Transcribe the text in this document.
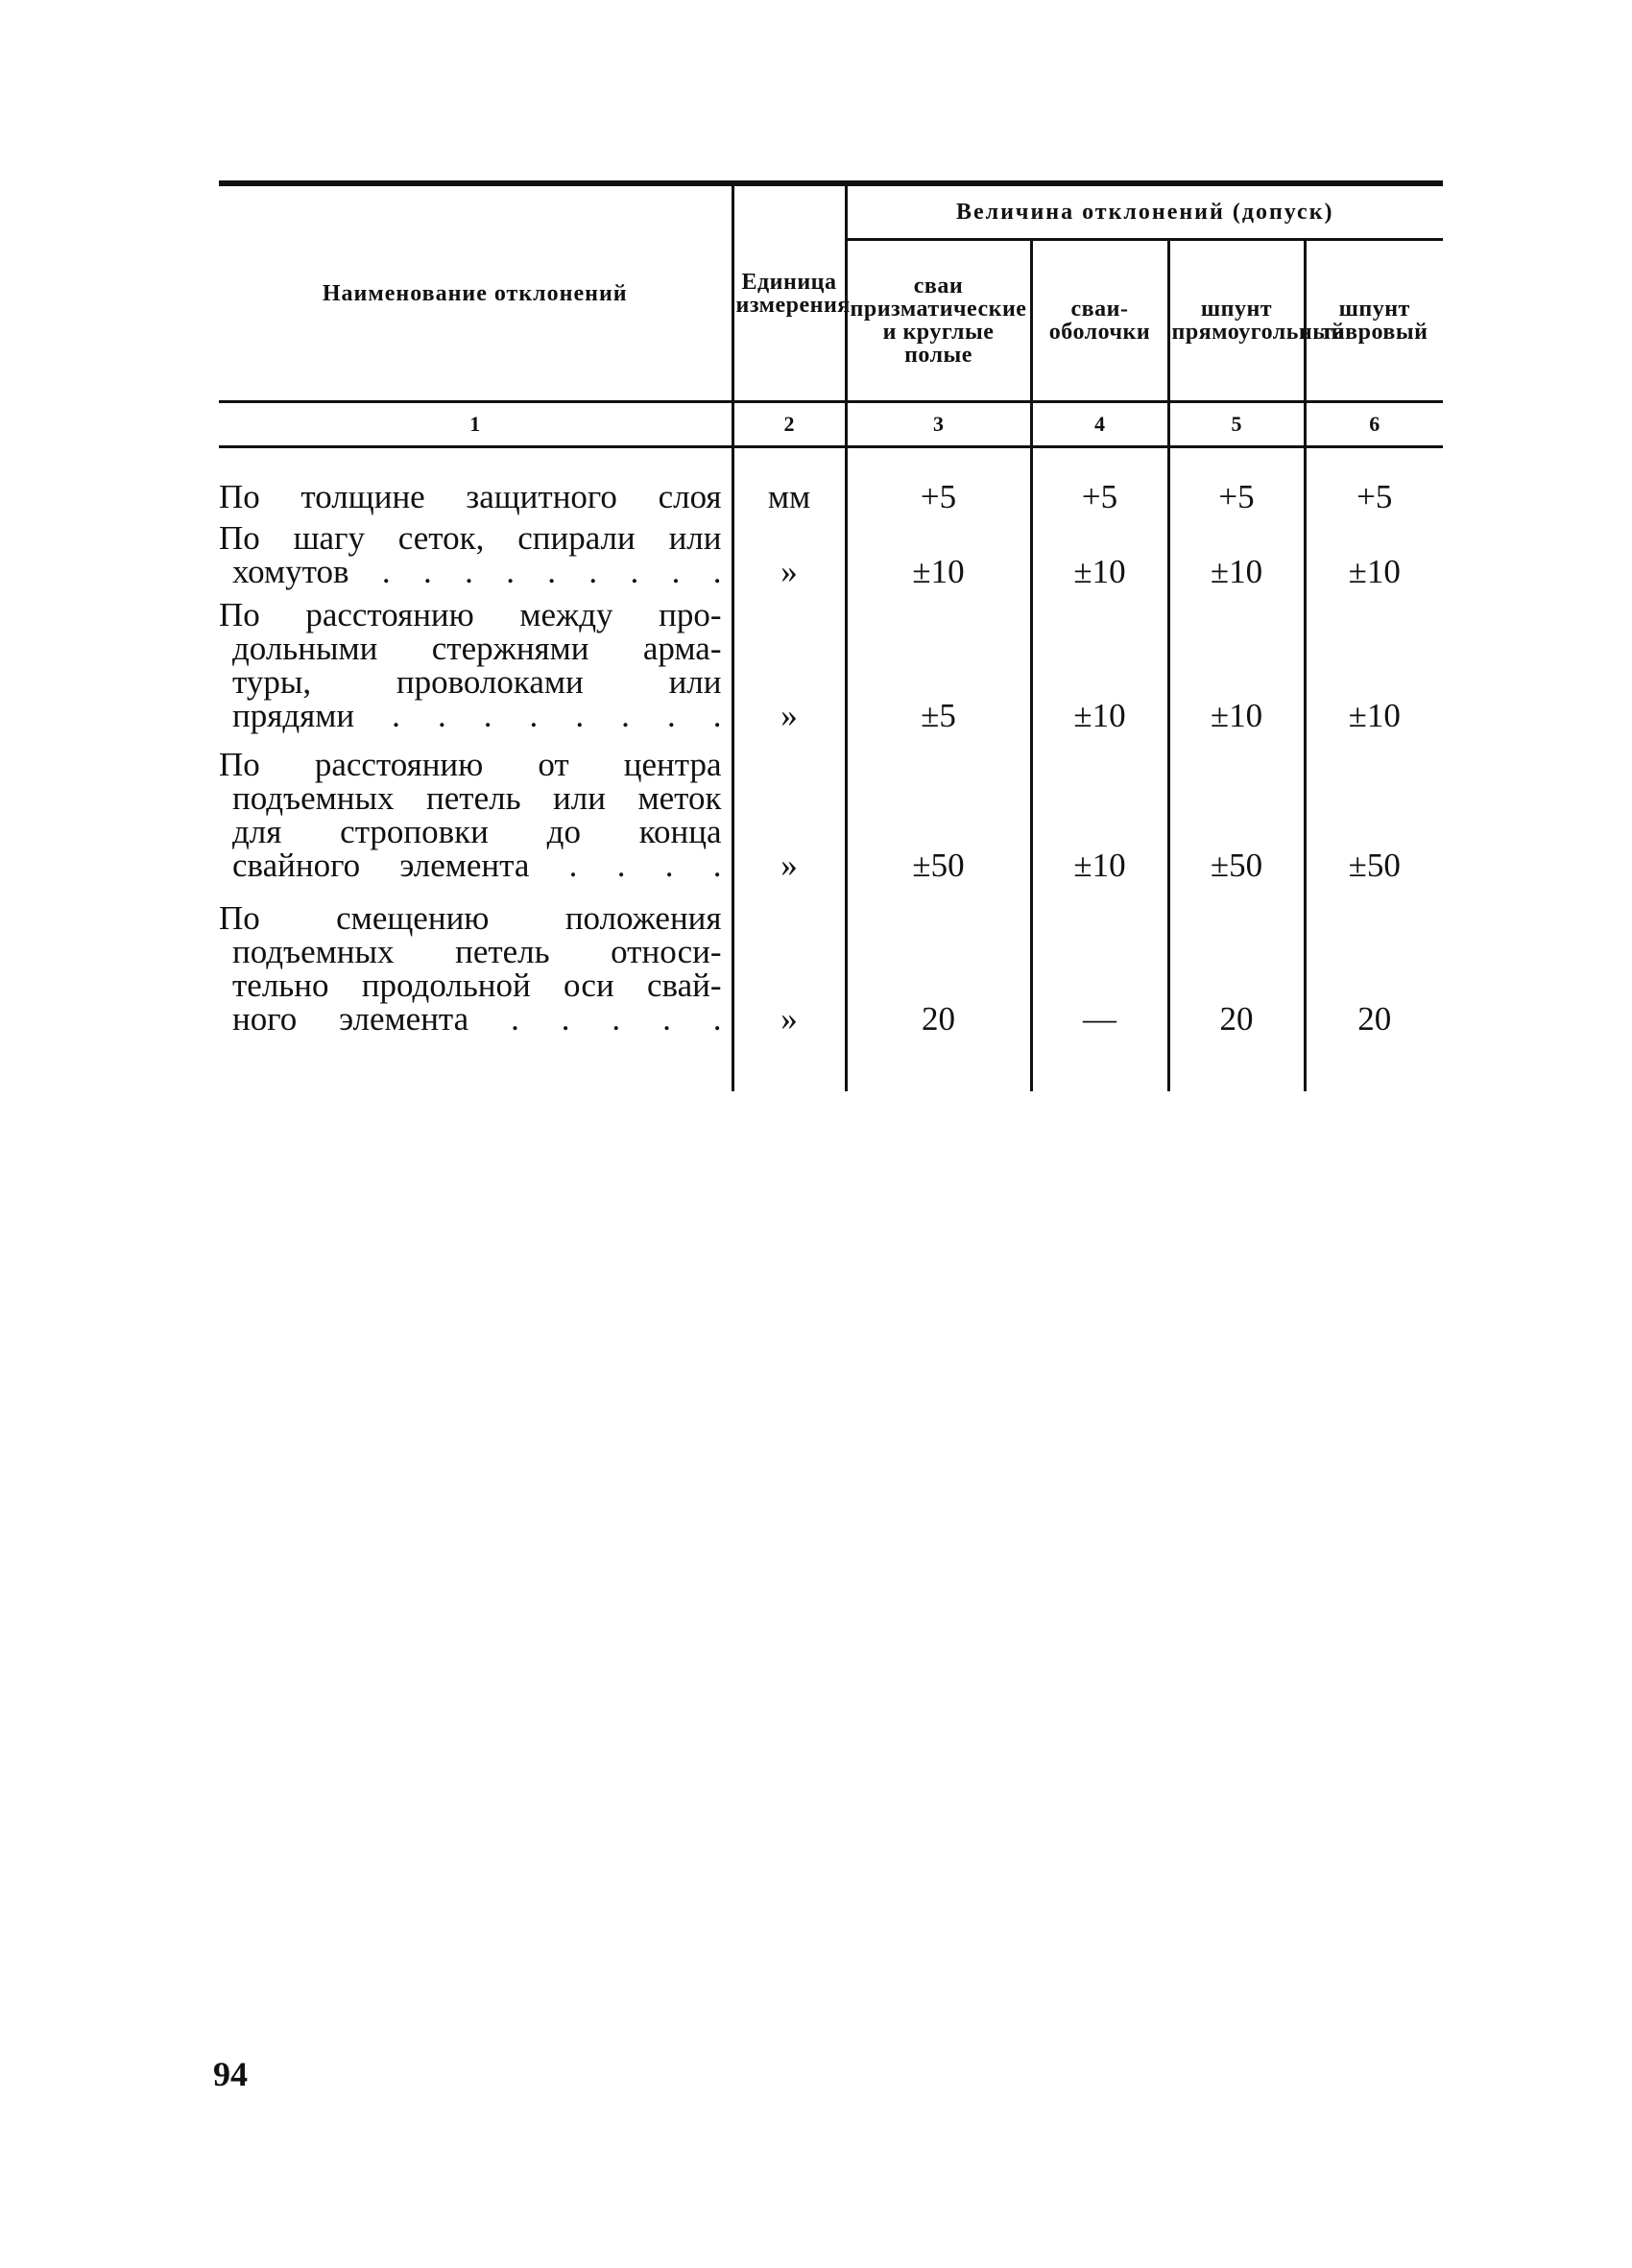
Наименование отклонений	Единица измерения	Величина отклонений (допуск)			
		сваи призматические и круглые полые	сваи-оболочки	шпунт прямоугольный	шпунт тавровый
1	2	3	4	5	6

По толщине защитного слоя	мм	+5	+5	+5	+5

По шагу сеток, спирали или
хомутов . . . . . . . . .	»	±10	±10	±10	±10

По расстоянию между про-
дольными стержнями арма-
туры, проволоками или
прядями . . . . . . . .	»	±5	±10	±10	±10

По расстоянию от центра
подъемных петель или меток
для строповки до конца
свайного элемента . . . .	»	±50	±10	±50	±50

По смещению положения
подъемных петель относи-
тельно продольной оси свай-
ного элемента . . . . .	»	20	—	20	20

94
